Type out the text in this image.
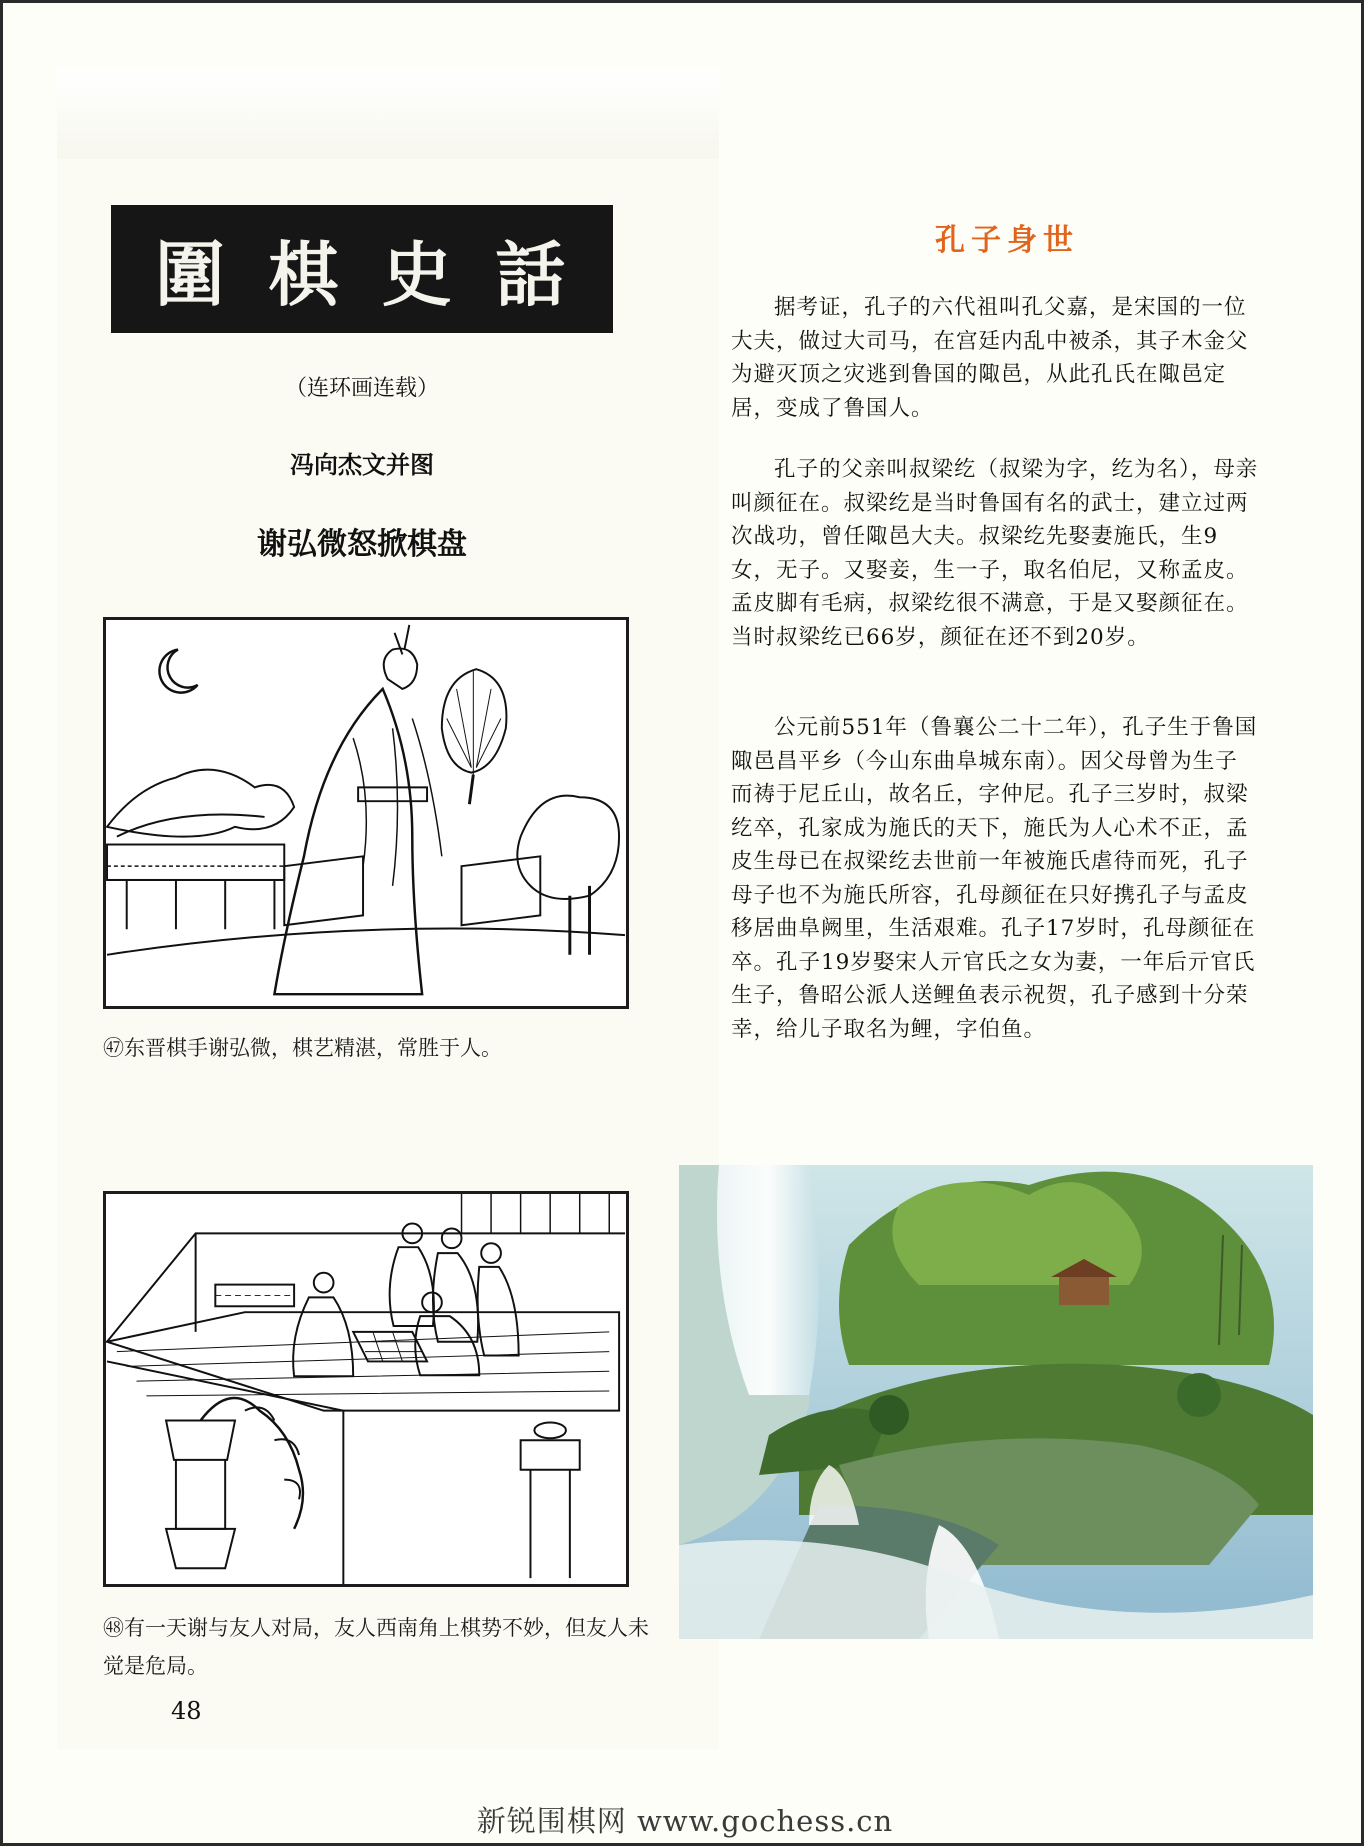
圍 棋 史 話
（连环画连载）
冯向杰文并图
谢弘微怒掀棋盘
㊼东晋棋手谢弘微，棋艺精湛，常胜于人。
㊽有一天谢与友人对局，友人西南角上棋势不妙，但友人未觉是危局。
48
孔子身世

据考证，孔子的六代祖叫孔父嘉，是宋国的一位大夫，做过大司马，在宫廷内乱中被杀，其子木金父为避灭顶之灾逃到鲁国的陬邑，从此孔氏在陬邑定居，变成了鲁国人。

孔子的父亲叫叔梁纥（叔梁为字，纥为名），母亲叫颜征在。叔梁纥是当时鲁国有名的武士，建立过两次战功，曾任陬邑大夫。叔梁纥先娶妻施氏，生9女，无子。又娶妾，生一子，取名伯尼，又称孟皮。孟皮脚有毛病，叔梁纥很不满意，于是又娶颜征在。当时叔梁纥已66岁，颜征在还不到20岁。

公元前551年（鲁襄公二十二年），孔子生于鲁国陬邑昌平乡（今山东曲阜城东南）。因父母曾为生子而祷于尼丘山，故名丘，字仲尼。孔子三岁时，叔梁纥卒，孔家成为施氏的天下，施氏为人心术不正，孟皮生母已在叔梁纥去世前一年被施氏虐待而死，孔子母子也不为施氏所容，孔母颜征在只好携孔子与孟皮移居曲阜阙里，生活艰难。孔子17岁时，孔母颜征在卒。孔子19岁娶宋人亓官氏之女为妻，一年后亓官氏生子，鲁昭公派人送鲤鱼表示祝贺，孔子感到十分荣幸，给儿子取名为鲤，字伯鱼。

新锐围棋网 www.gochess.cn
